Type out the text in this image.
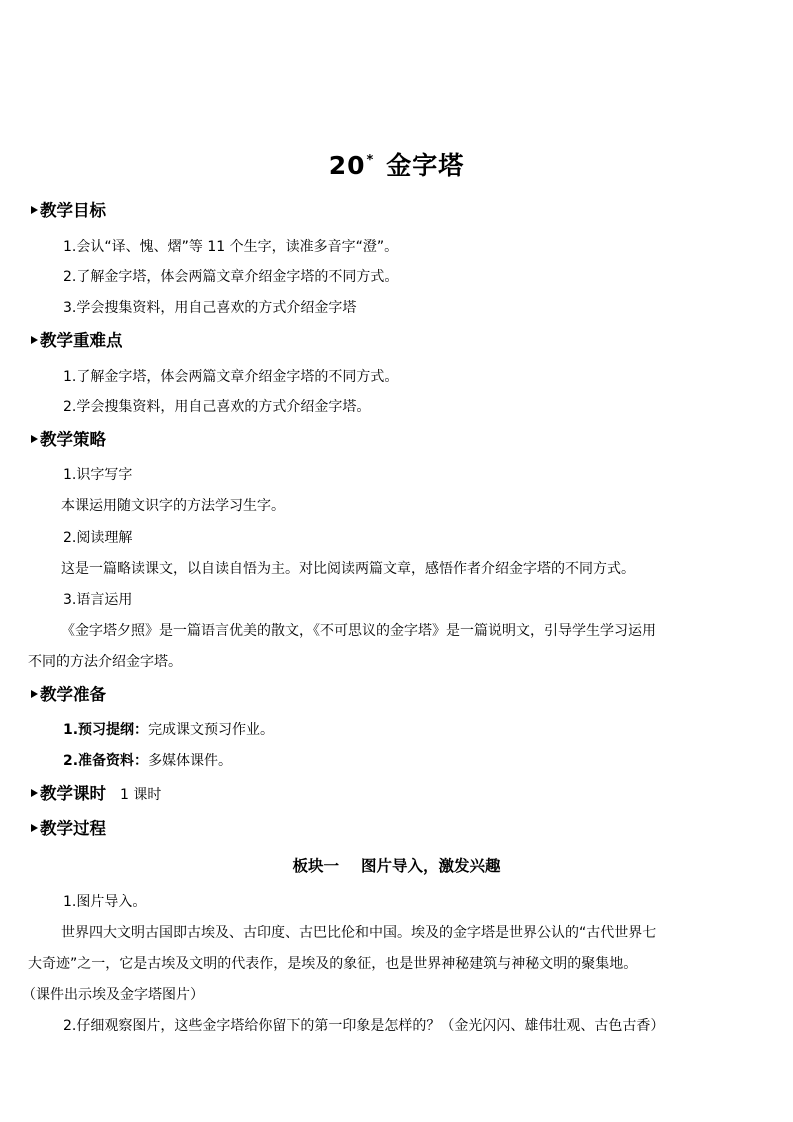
20* 金字塔
教学目标
1.会认“译、愧、熠”等 11 个生字，读准多音字“澄”。
2.了解金字塔，体会两篇文章介绍金字塔的不同方式。
3.学会搜集资料，用自己喜欢的方式介绍金字塔
教学重难点
1.了解金字塔，体会两篇文章介绍金字塔的不同方式。
2.学会搜集资料，用自己喜欢的方式介绍金字塔。
教学策略
1.识字写字
本课运用随文识字的方法学习生字。
2.阅读理解
这是一篇略读课文，以自读自悟为主。对比阅读两篇文章，感悟作者介绍金字塔的不同方式。
3.语言运用
《金字塔夕照》是一篇语言优美的散文，《不可思议的金字塔》是一篇说明文，引导学生学习运用
不同的方法介绍金字塔。
教学准备
1.预习提纲：完成课文预习作业。
2.准备资料：多媒体课件。
教学课时 1 课时
教学过程
板块一 图片导入，激发兴趣
1.图片导入。
世界四大文明古国即古埃及、古印度、古巴比伦和中国。埃及的金字塔是世界公认的“古代世界七
大奇迹”之一，它是古埃及文明的代表作，是埃及的象征，也是世界神秘建筑与神秘文明的聚集地。
（课件出示埃及金字塔图片）
2.仔细观察图片，这些金字塔给你留下的第一印象是怎样的？（金光闪闪、雄伟壮观、古色古香）
